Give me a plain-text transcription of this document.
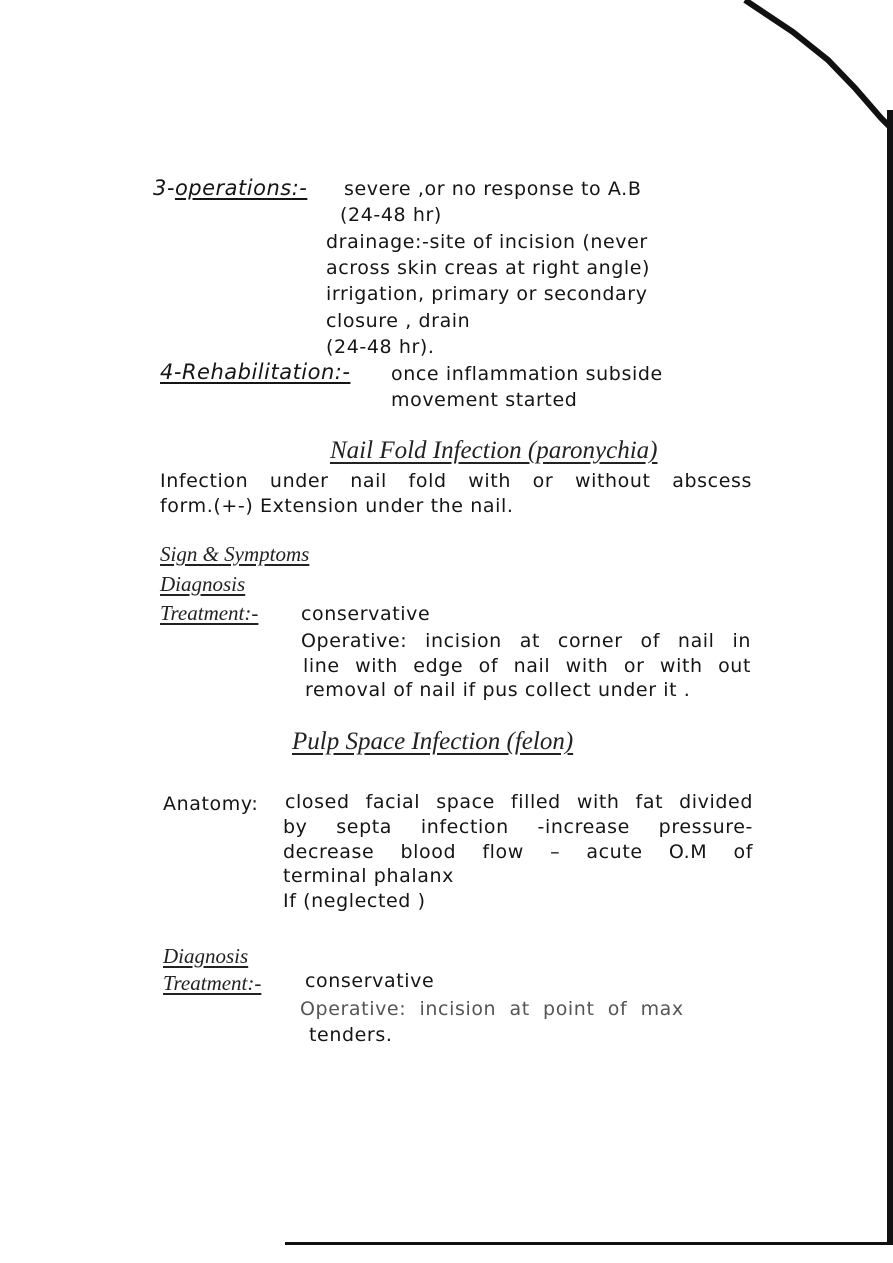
3-operations:- severe ,or no response to A.B
(24-48 hr)
drainage:-site of incision (never
across skin creas at right angle)
irrigation, primary or secondary
closure , drain
(24-48 hr).
4-Rehabilitation:- once inflammation subside
movement started
Nail Fold Infection (paronychia)
Infection under nail fold with or without abscess
form.(+-) Extension under the nail.
Sign & Symptoms
Diagnosis
Treatment:- conservative
Operative: incision at corner of nail in
line with edge of nail with or with out
removal of nail if pus collect under it .
Pulp Space Infection (felon)
Anatomy: closed facial space filled with fat divided
by  septa  infection  -increase  pressure-
decrease  blood  flow  –  acute  O.M  of
terminal phalanx
If (neglected )
Diagnosis
Treatment:- conservative
Operative:  incision  at  point  of  max
tenders.
